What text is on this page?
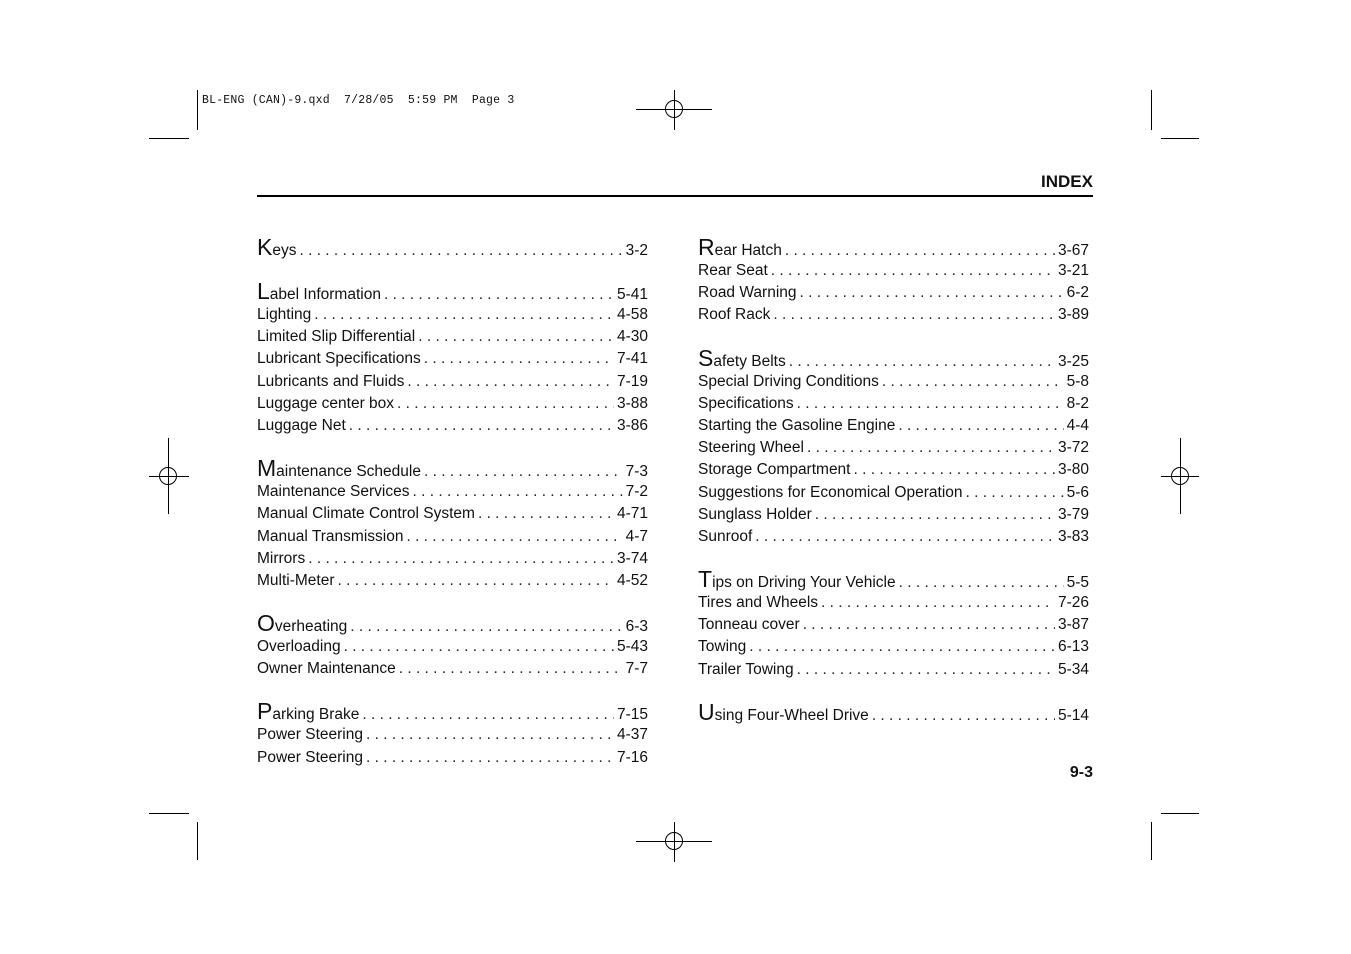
BL-ENG (CAN)-9.qxd  7/28/05  5:59 PM  Page 3
INDEX
Keys . . .	3-2
Label Information . . .	5-41
Lighting . . .	4-58
Limited Slip Differential . . .	4-30
Lubricant Specifications . . .	7-41
Lubricants and Fluids . . .	7-19
Luggage center box . . .	3-88
Luggage Net . . .	3-86
Maintenance Schedule . . .	7-3
Maintenance Services . . .	7-2
Manual Climate Control System . . .	4-71
Manual Transmission . . .	4-7
Mirrors . . .	3-74
Multi-Meter . . .	4-52
Overheating . . .	6-3
Overloading . . .	5-43
Owner Maintenance . . .	7-7
Parking Brake . . .	7-15
Power Steering . . .	4-37
Power Steering . . .	7-16
Rear Hatch . . .	3-67
Rear Seat . . .	3-21
Road Warning . . .	6-2
Roof Rack . . .	3-89
Safety Belts . . .	3-25
Special Driving Conditions . . .	5-8
Specifications . . .	8-2
Starting the Gasoline Engine . . .	4-4
Steering Wheel . . .	3-72
Storage Compartment . . .	3-80
Suggestions for Economical Operation . . .	5-6
Sunglass Holder . . .	3-79
Sunroof . . .	3-83
Tips on Driving Your Vehicle . . .	5-5
Tires and Wheels . . .	7-26
Tonneau cover . . .	3-87
Towing . . .	6-13
Trailer Towing . . .	5-34
Using Four-Wheel Drive . . .	5-14
9-3
